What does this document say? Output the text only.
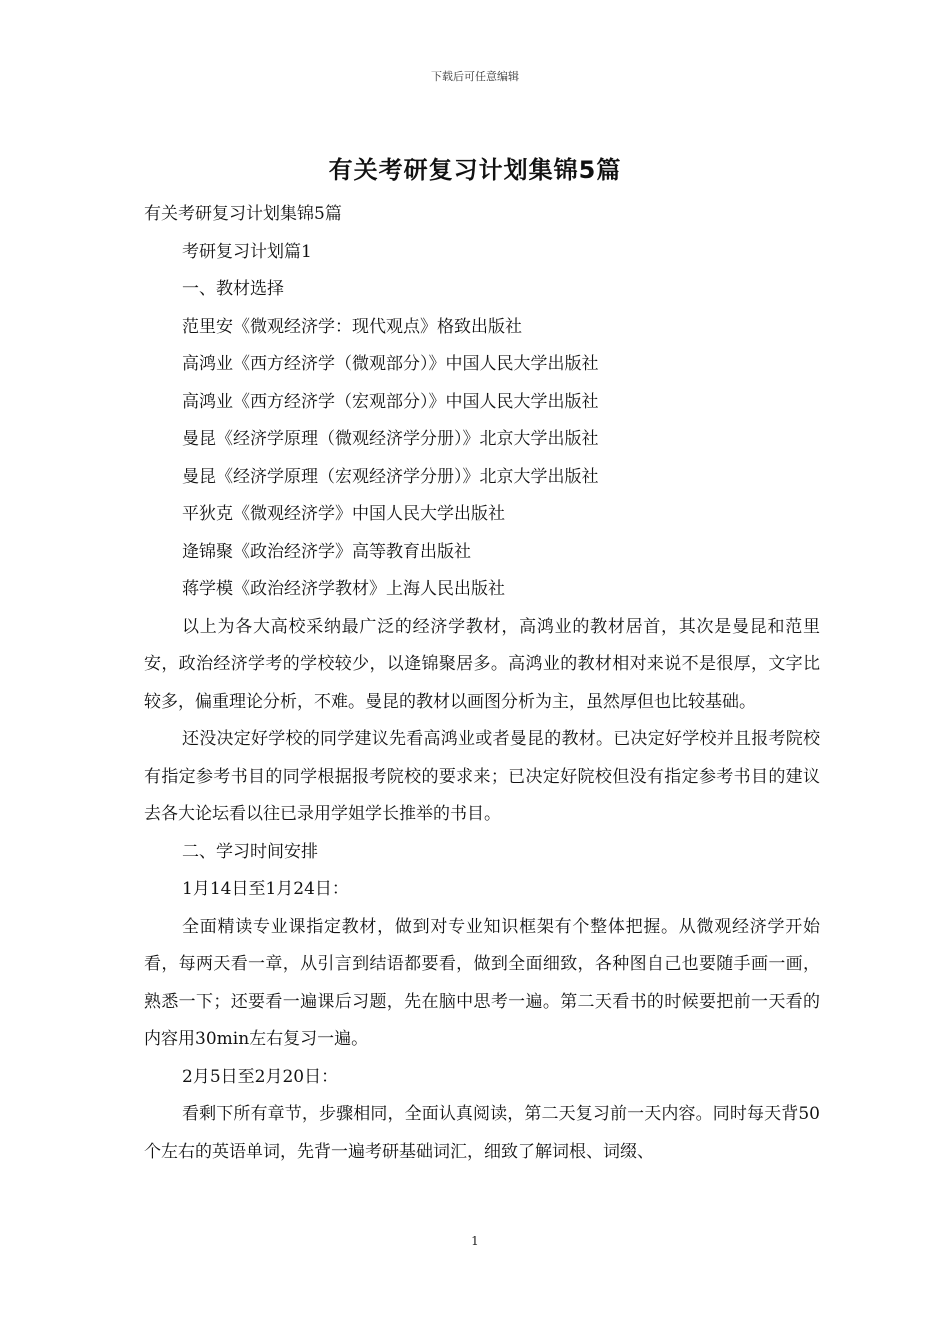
下载后可任意编辑
有关考研复习计划集锦5篇

有关考研复习计划集锦5篇

考研复习计划篇1

一、教材选择

范里安《微观经济学：现代观点》格致出版社

高鸿业《西方经济学（微观部分）》中国人民大学出版社

高鸿业《西方经济学（宏观部分）》中国人民大学出版社

曼昆《经济学原理（微观经济学分册）》北京大学出版社

曼昆《经济学原理（宏观经济学分册）》北京大学出版社

平狄克《微观经济学》中国人民大学出版社

逄锦聚《政治经济学》高等教育出版社

蒋学模《政治经济学教材》上海人民出版社

以上为各大高校采纳最广泛的经济学教材，高鸿业的教材居首，其次是曼昆和范里安，政治经济学考的学校较少，以逄锦聚居多。高鸿业的教材相对来说不是很厚，文字比较多，偏重理论分析，不难。曼昆的教材以画图分析为主，虽然厚但也比较基础。

还没决定好学校的同学建议先看高鸿业或者曼昆的教材。已决定好学校并且报考院校有指定参考书目的同学根据报考院校的要求来；已决定好院校但没有指定参考书目的建议去各大论坛看以往已录用学姐学长推举的书目。

二、学习时间安排

1月14日至1月24日：

全面精读专业课指定教材，做到对专业知识框架有个整体把握。从微观经济学开始看，每两天看一章，从引言到结语都要看，做到全面细致，各种图自己也要随手画一画，熟悉一下；还要看一遍课后习题，先在脑中思考一遍。第二天看书的时候要把前一天看的内容用30min左右复习一遍。

2月5日至2月20日：

看剩下所有章节，步骤相同，全面认真阅读，第二天复习前一天内容。同时每天背50个左右的英语单词，先背一遍考研基础词汇，细致了解词根、词缀、

1
